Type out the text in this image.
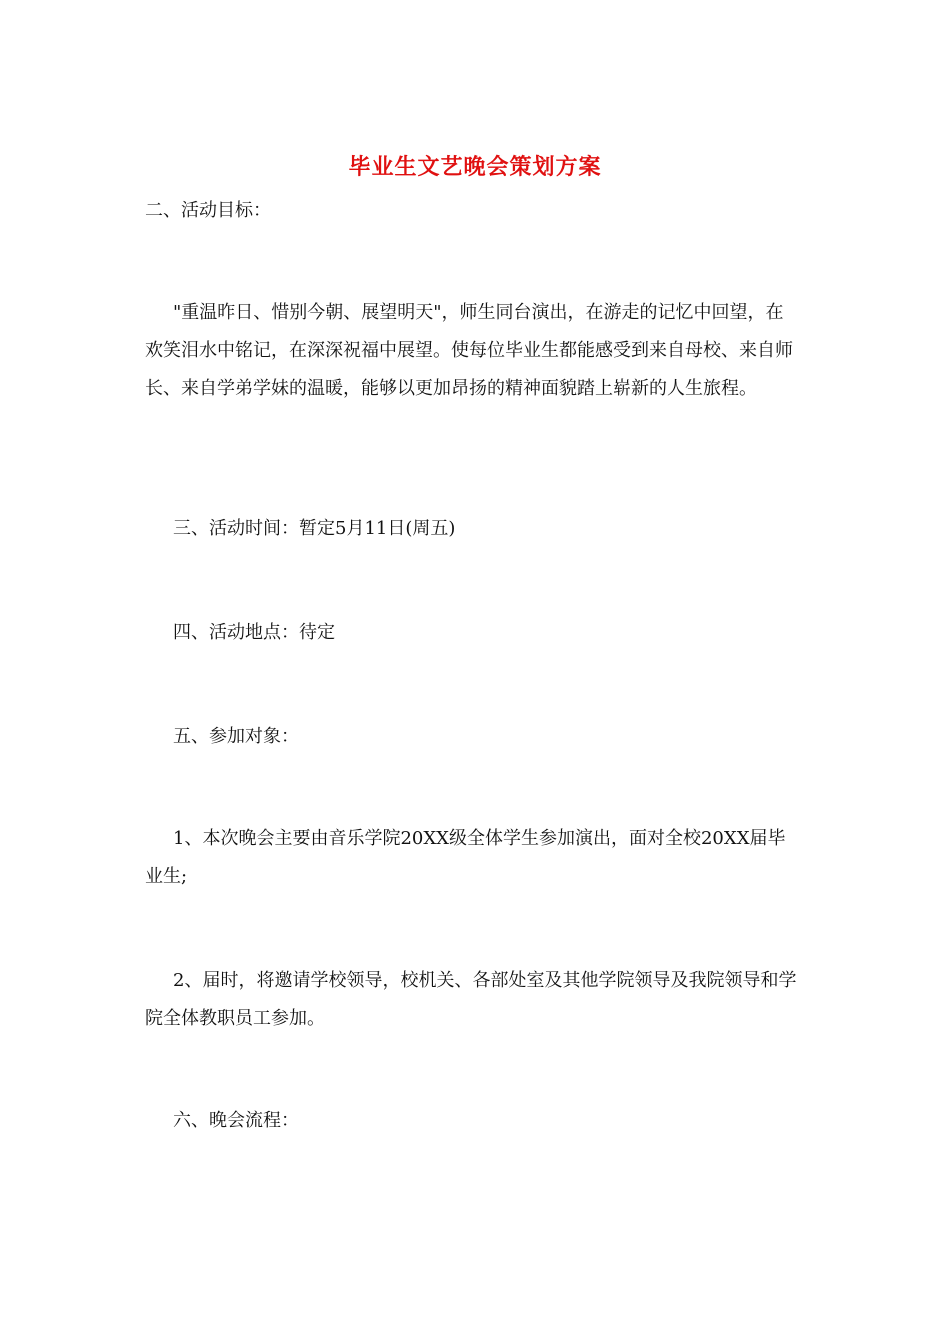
毕业生文艺晚会策划方案

二、活动目标：

"重温昨日、惜别今朝、展望明天"，师生同台演出，在游走的记忆中回望，在欢笑泪水中铭记，在深深祝福中展望。使每位毕业生都能感受到来自母校、来自师长、来自学弟学妹的温暖，能够以更加昂扬的精神面貌踏上崭新的人生旅程。

三、活动时间：暂定5月11日(周五)

四、活动地点：待定

五、参加对象：

1、本次晚会主要由音乐学院20XX级全体学生参加演出，面对全校20XX届毕业生;

2、届时，将邀请学校领导，校机关、各部处室及其他学院领导及我院领导和学院全体教职员工参加。

六、晚会流程：
